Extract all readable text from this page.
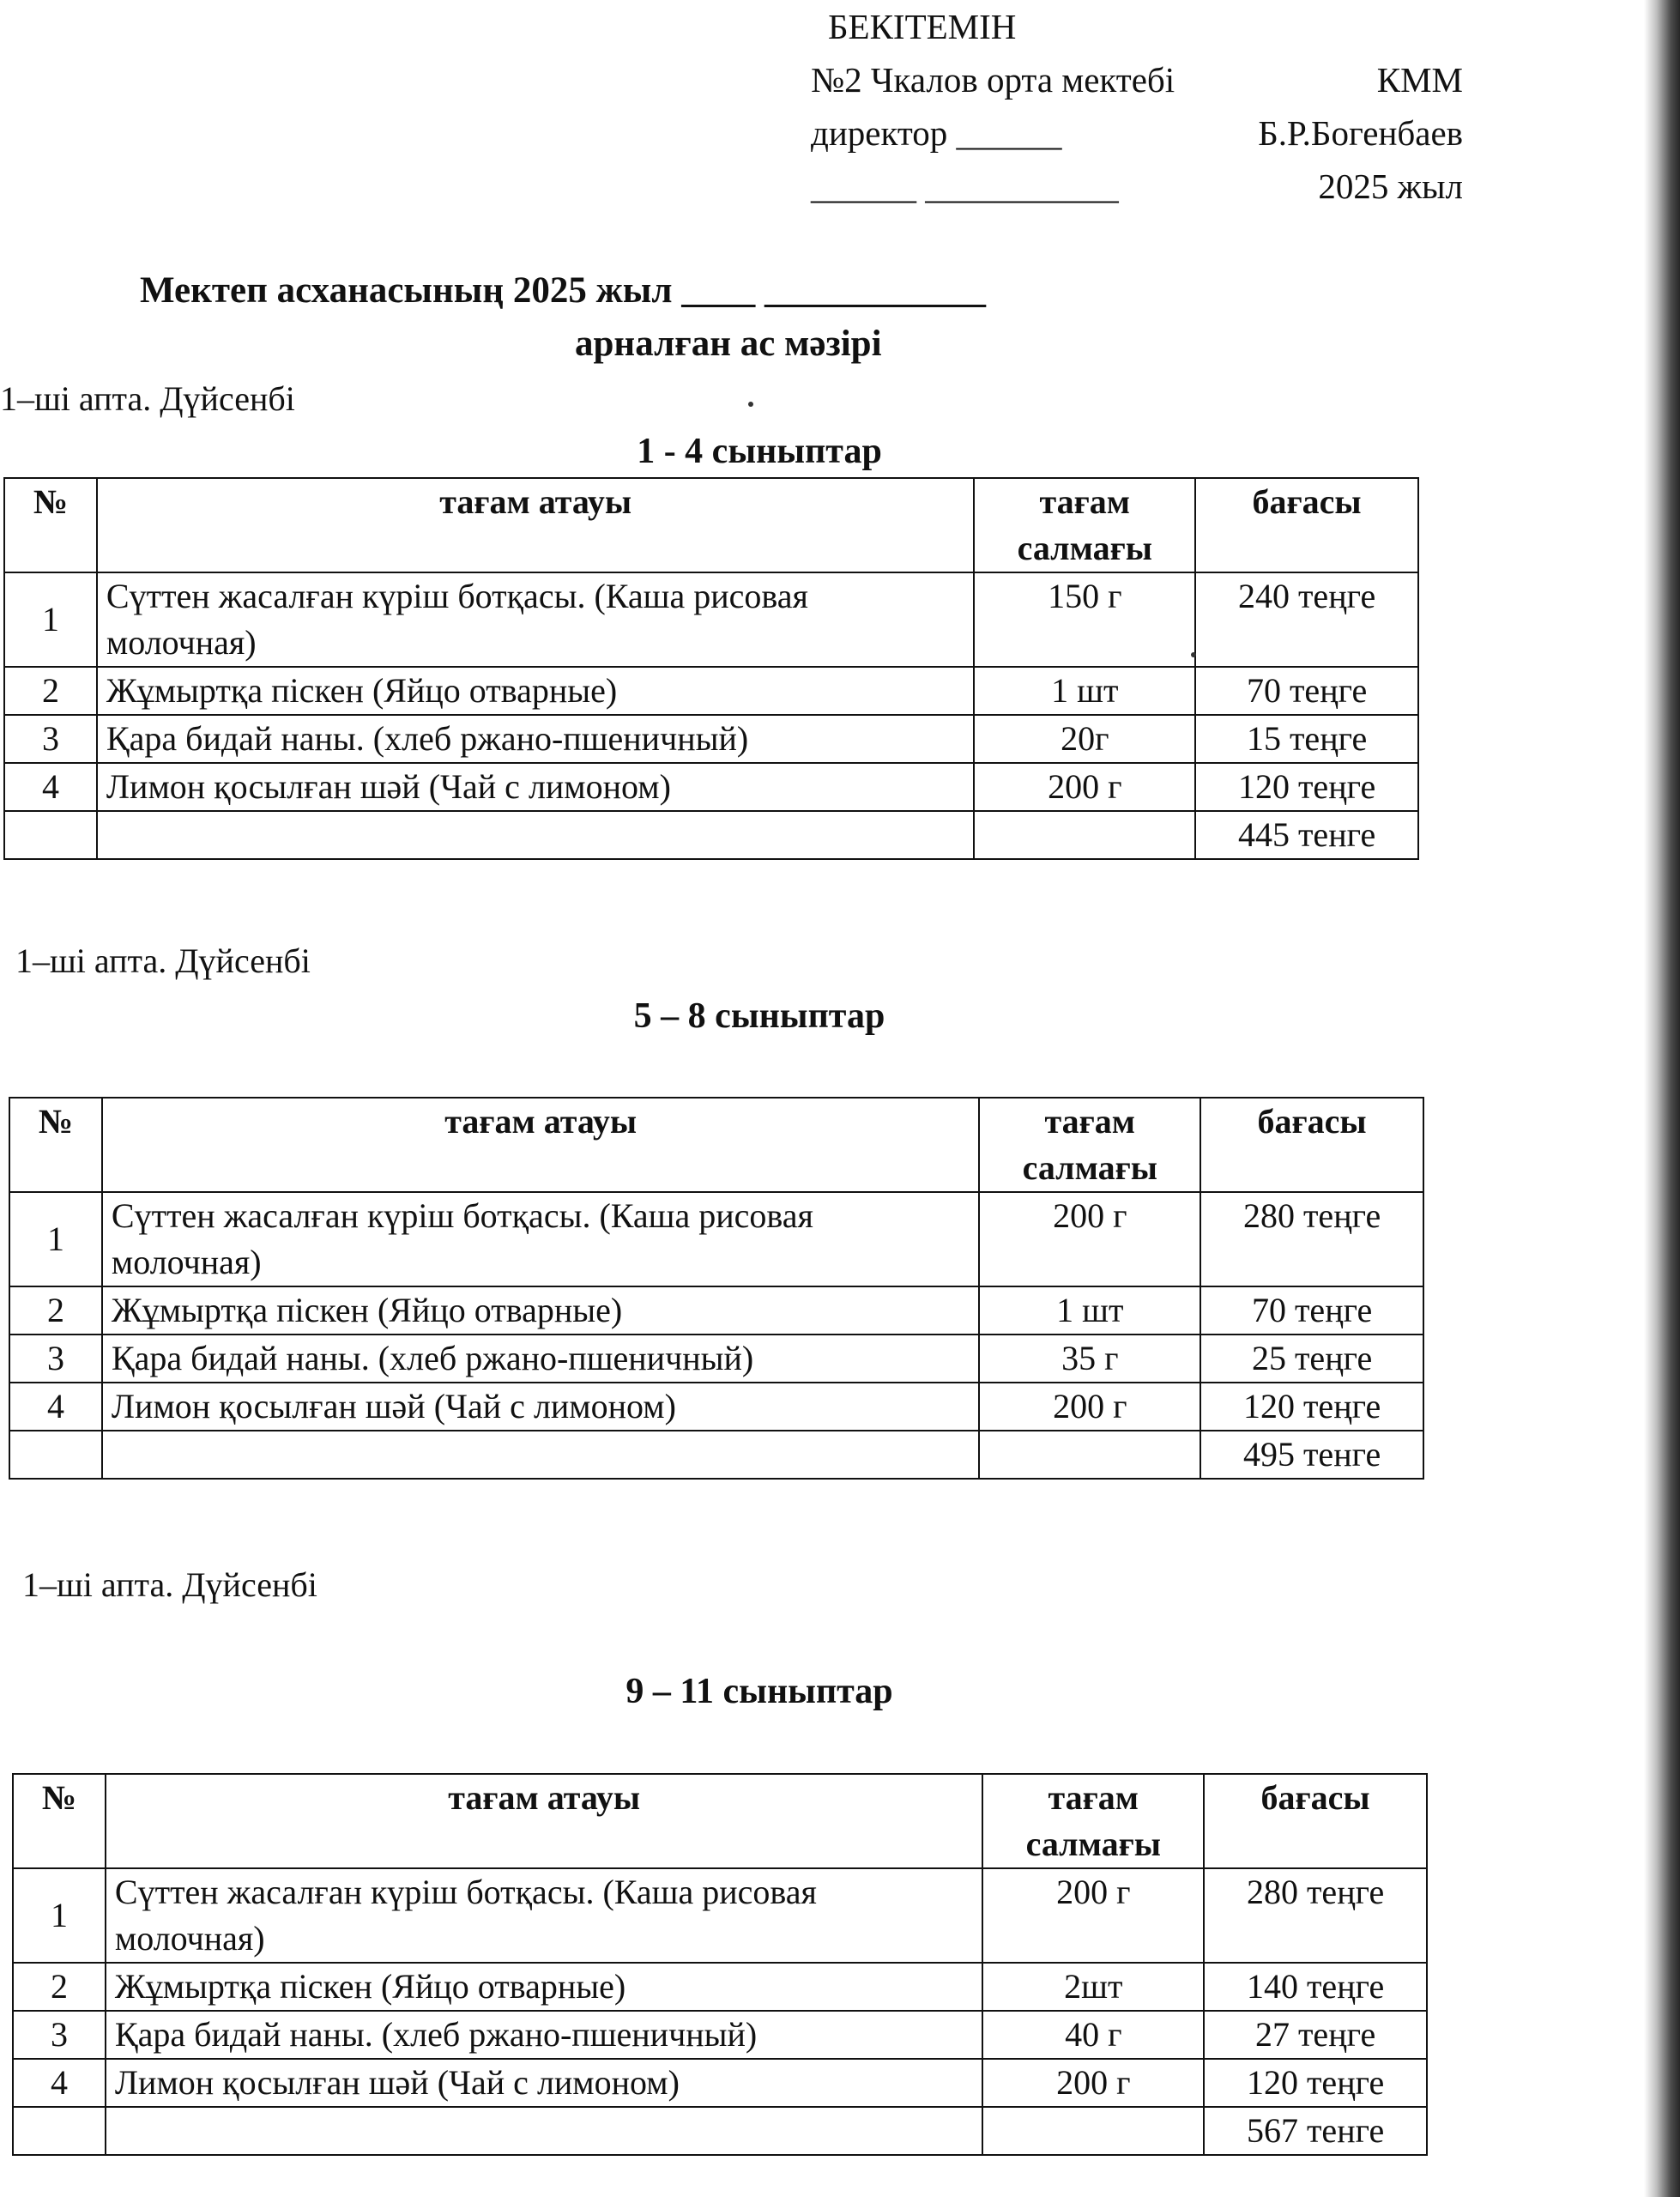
БЕКІТЕМІН
№2 Чкалов орта мектебі	КММ
директор ______	Б.Р.Богенбаев
______ ___________	2025 жыл
Мектеп асханасының 2025 жыл ____ ____________
арналған ас мәзірі
1–ші апта. Дүйсенбі
1 - 4 сыныптар
№	тағам атауы	тағам салмағы	бағасы
1	Сүттен жасалған күріш ботқасы. (Каша рисовая молочная)	150 г	240 теңге
2	Жұмыртқа піскен (Яйцо отварные)	1 шт	70 теңге
3	Қара бидай наны. (хлеб ржано-пшеничный)	20г	15 теңге
4	Лимон қосылған шәй (Чай с лимоном)	200 г	120 теңге
			445 тенге
1–ші апта. Дүйсенбі
5 – 8 сыныптар
№	тағам атауы	тағам салмағы	бағасы
1	Сүттен жасалған күріш ботқасы. (Каша рисовая молочная)	200 г	280 теңге
2	Жұмыртқа піскен (Яйцо отварные)	1 шт	70 теңге
3	Қара бидай наны. (хлеб ржано-пшеничный)	35 г	25 теңге
4	Лимон қосылған шәй (Чай с лимоном)	200 г	120 теңге
			495 тенге
1–ші апта. Дүйсенбі
9 – 11 сыныптар
№	тағам атауы	тағам салмағы	бағасы
1	Сүттен жасалған күріш ботқасы. (Каша рисовая молочная)	200 г	280 теңге
2	Жұмыртқа піскен (Яйцо отварные)	2шт	140 теңге
3	Қара бидай наны. (хлеб ржано-пшеничный)	40 г	27 теңге
4	Лимон қосылған шәй (Чай с лимоном)	200 г	120 теңге
			567 тенге
